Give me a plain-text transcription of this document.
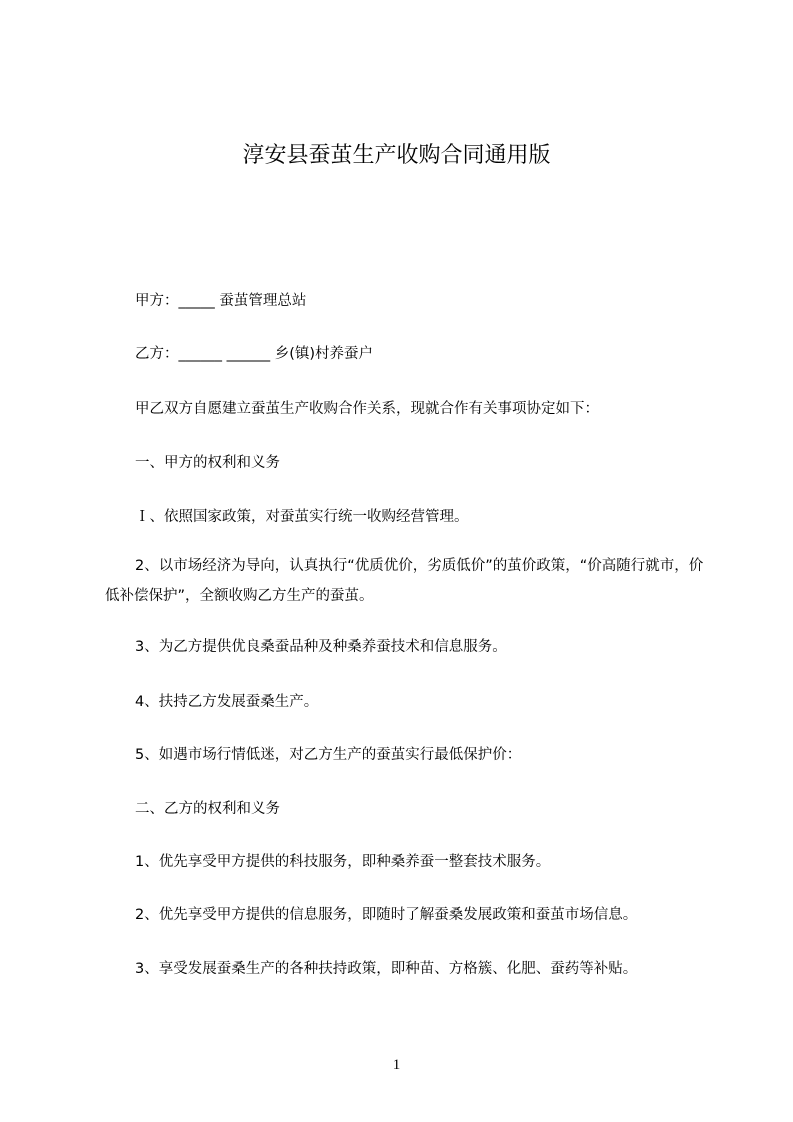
淳安县蚕茧生产收购合同通用版
甲方：_____ 蚕茧管理总站
乙方：______ ______ 乡(镇)村养蚕户
甲乙双方自愿建立蚕茧生产收购合作关系，现就合作有关事项协定如下：
一、甲方的权利和义务
Ｉ、依照国家政策，对蚕茧实行统一收购经营管理。
2、以市场经济为导向，认真执行“优质优价，劣质低价”的茧价政策，“价高随行就市，价低补偿保护”，全额收购乙方生产的蚕茧。
3、为乙方提供优良桑蚕品种及种桑养蚕技术和信息服务。
4、扶持乙方发展蚕桑生产。
5、如遇市场行情低迷，对乙方生产的蚕茧实行最低保护价：
二、乙方的权利和义务
1、优先享受甲方提供的科技服务，即种桑养蚕一整套技术服务。
2、优先享受甲方提供的信息服务，即随时了解蚕桑发展政策和蚕茧市场信息。
3、享受发展蚕桑生产的各种扶持政策，即种苗、方格簇、化肥、蚕药等补贴。
1
